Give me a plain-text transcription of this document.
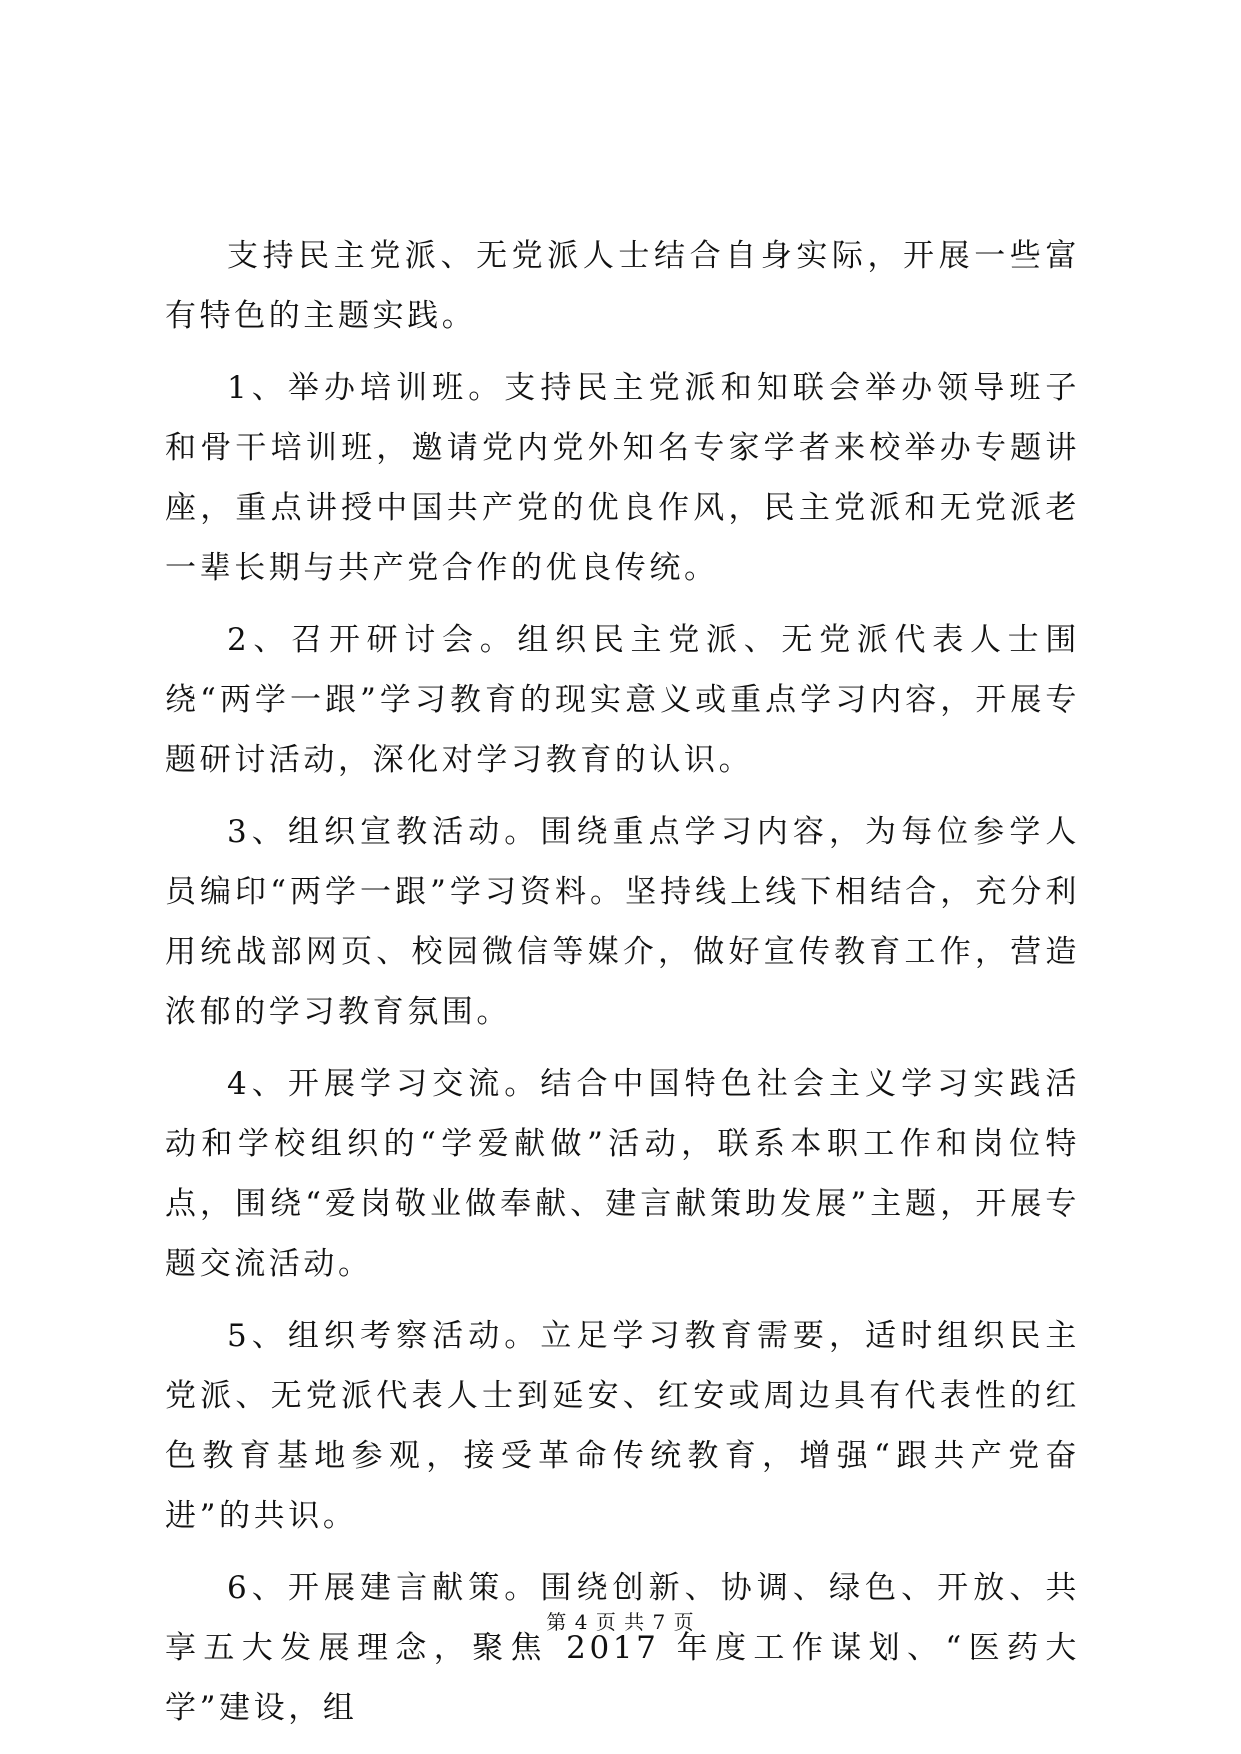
支持民主党派、无党派人士结合自身实际，开展一些富有特色的主题实践。

1、举办培训班。支持民主党派和知联会举办领导班子和骨干培训班，邀请党内党外知名专家学者来校举办专题讲座，重点讲授中国共产党的优良作风，民主党派和无党派老一辈长期与共产党合作的优良传统。

2、召开研讨会。组织民主党派、无党派代表人士围绕“两学一跟”学习教育的现实意义或重点学习内容，开展专题研讨活动，深化对学习教育的认识。

3、组织宣教活动。围绕重点学习内容，为每位参学人员编印“两学一跟”学习资料。坚持线上线下相结合，充分利用统战部网页、校园微信等媒介，做好宣传教育工作，营造浓郁的学习教育氛围。

4、开展学习交流。结合中国特色社会主义学习实践活动和学校组织的“学爱献做”活动，联系本职工作和岗位特点，围绕“爱岗敬业做奉献、建言献策助发展”主题，开展专题交流活动。

5、组织考察活动。立足学习教育需要，适时组织民主党派、无党派代表人士到延安、红安或周边具有代表性的红色教育基地参观，接受革命传统教育，增强“跟共产党奋进”的共识。

6、开展建言献策。围绕创新、协调、绿色、开放、共享五大发展理念，聚焦 2017 年度工作谋划、“医药大学”建设，组

第 4 页 共 7 页
